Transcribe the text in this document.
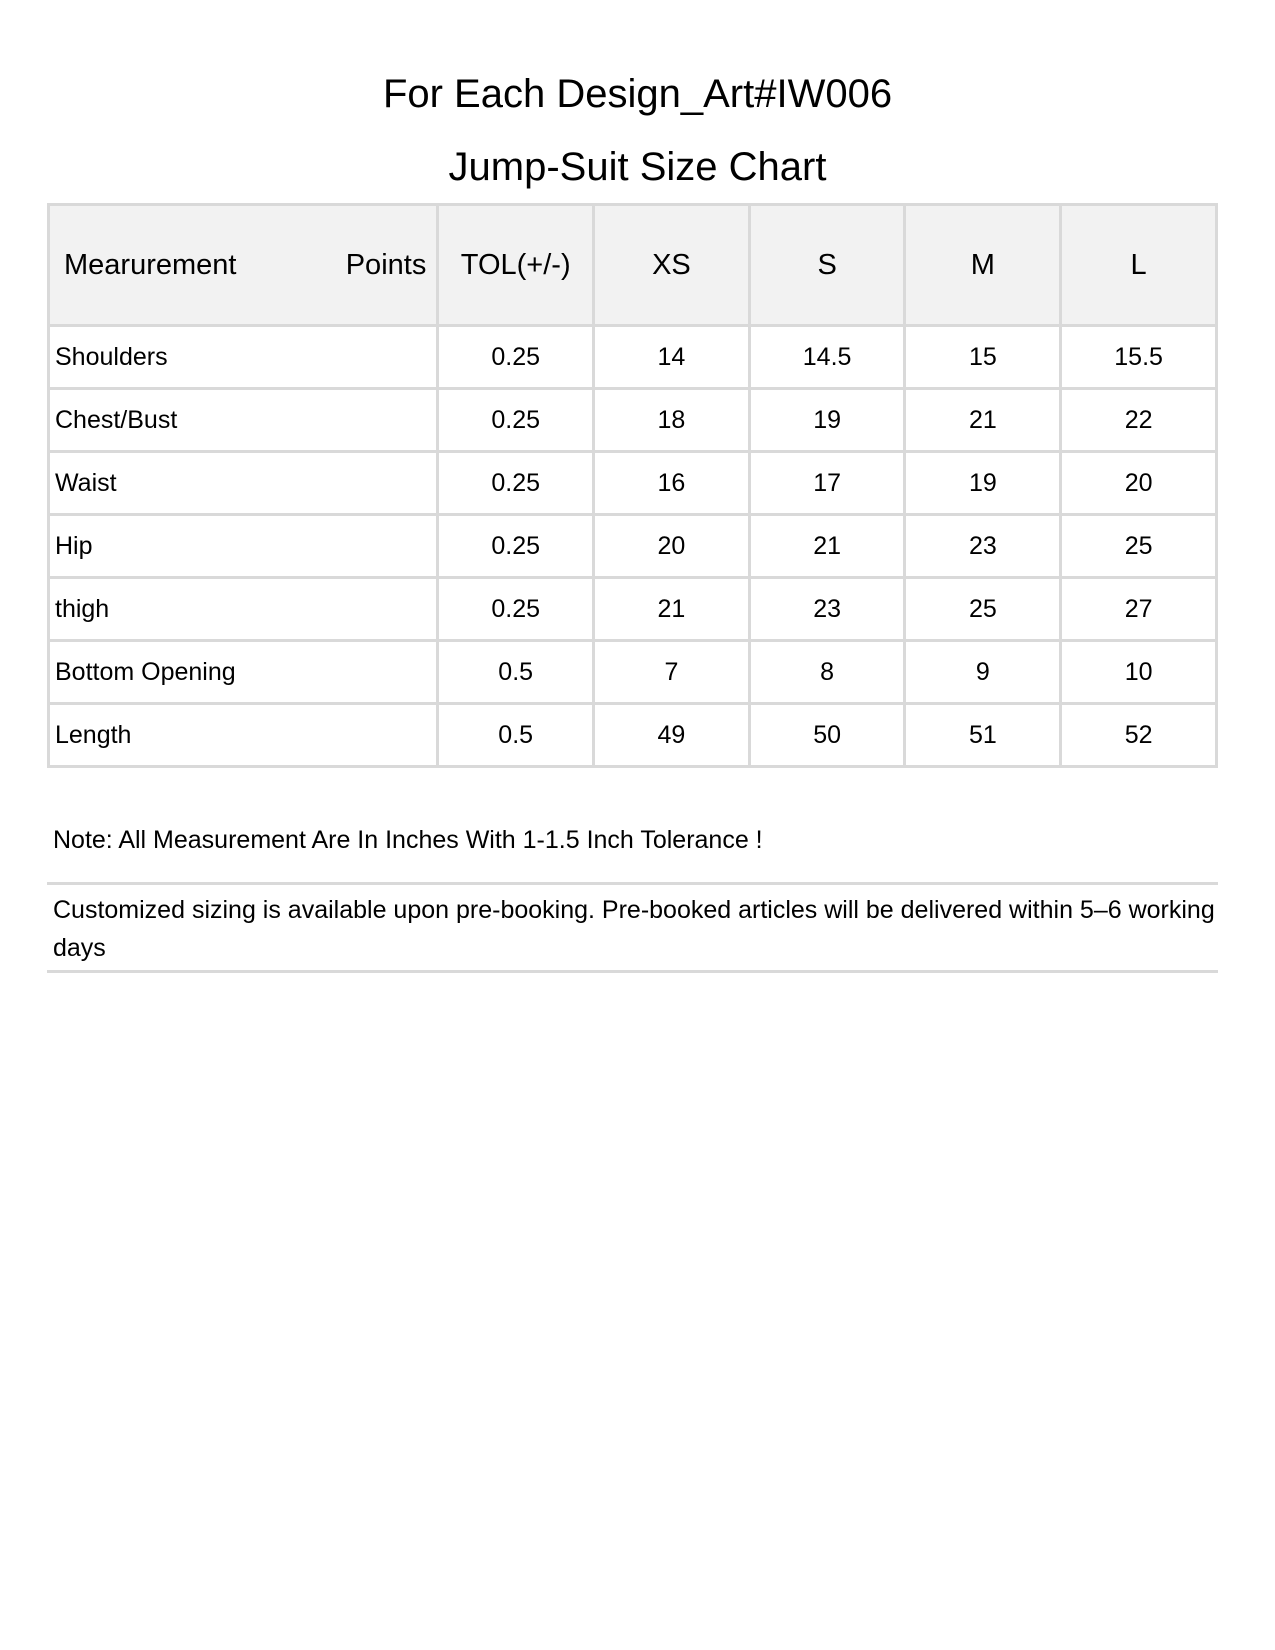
For Each Design_Art#IW006
Jump-Suit Size Chart
Mearurement Points	TOL(+/-)	XS	S	M	L
Shoulders	0.25	14	14.5	15	15.5
Chest/Bust	0.25	18	19	21	22
Waist	0.25	16	17	19	20
Hip	0.25	20	21	23	25
thigh	0.25	21	23	25	27
Bottom Opening	0.5	7	8	9	10
Length	0.5	49	50	51	52

Note: All Measurement Are In Inches With 1-1.5 Inch Tolerance !

Customized sizing is available upon pre-booking. Pre-booked articles will be delivered within 5–6 working days
